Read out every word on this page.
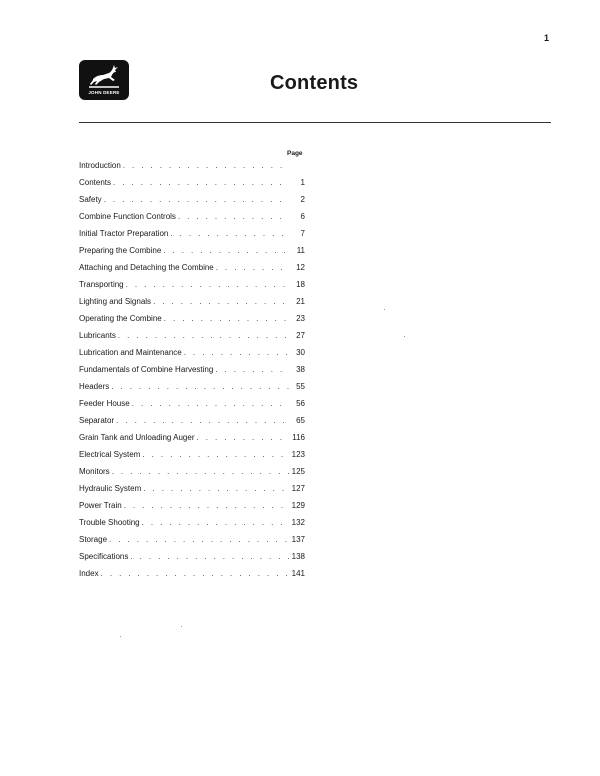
1
JOHN DEERE	Contents
Page
Introduction
. . .
Contents . . .	1
Safety . . .	2
Combine Function Controls . . .	6
Initial Tractor Preparation . . .	7
Preparing the Combine . . .	11
Attaching and Detaching the Combine . . .	12
Transporting . . .	18
Lighting and Signals . . .	21
Operating the Combine . . .	23
Lubricants . . .	27
Lubrication and Maintenance . . .	30
Fundamentals of Combine Harvesting . . .	38
Headers . . .	55
Feeder House . . .	56
Separator . . .	65
Grain Tank and Unloading Auger . . .	116
Electrical System . . .	123
Monitors . . .	125
Hydraulic System . . .	127
Power Train . . .	129
Trouble Shooting . . .	132
Storage . . .	137
Specifications . . .	138
Index . . .	141
